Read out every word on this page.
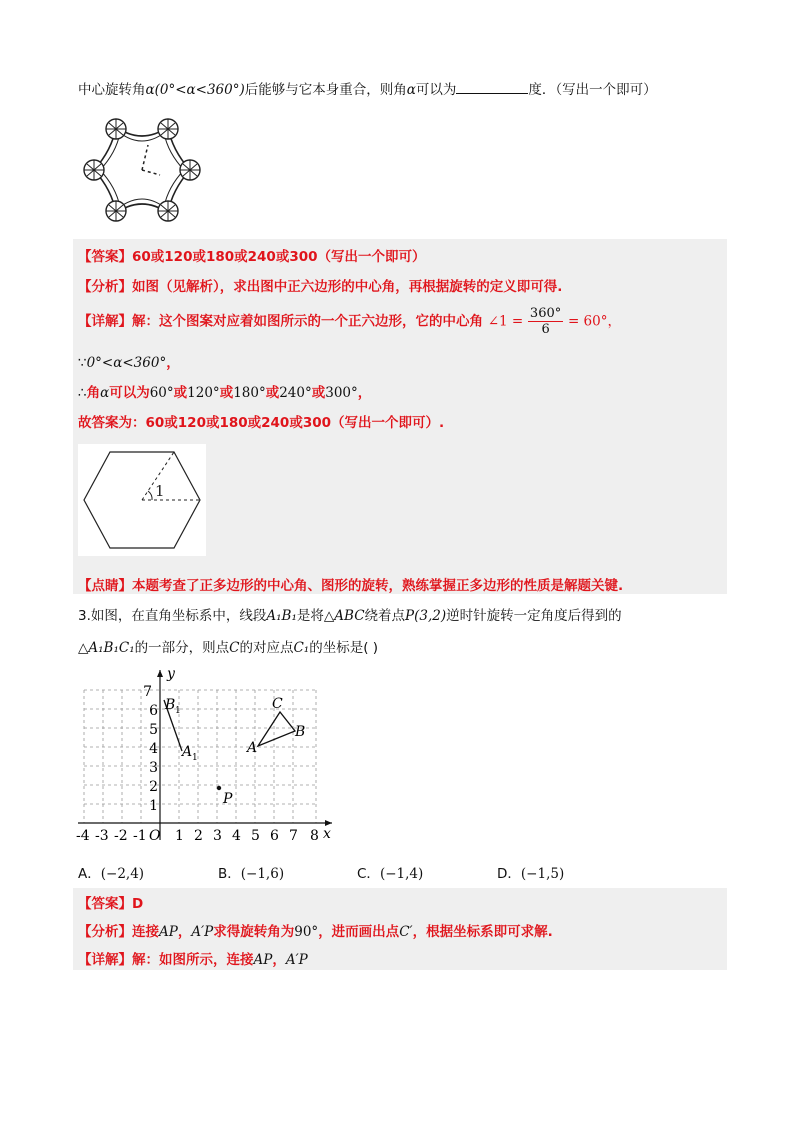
中心旋转角α(0°<α<360°)后能够与它本身重合，则角α可以为	度．（写出一个即可）
【答案】60或120或180或240或300（写出一个即可）
【分析】如图（见解析），求出图中正六边形的中心角，再根据旋转的定义即可得.
【详解】解：这个图案对应着如图所示的一个正六边形，它的中心角 ∠1 = $\frac{360^\circ}{6} = 60^\circ$，
∵0°<α<360°，
∴角α可以为60°或120°或180°或240°或300°，
故答案为：60或120或180或240或300（写出一个即可）.
1
【点睛】本题考查了正多边形的中心角、图形的旋转，熟练掌握正多边形的性质是解题关键.
3.如图，在直角坐标系中，线段A₁B₁是将△ABC绕着点P(3,2)逆时针旋转一定角度后得到的
△A₁B₁C₁的一部分，则点C的对应点C₁的坐标是( )
y
x
7
6
5
4
3
2
1
-4 -3 -2 -1 O 1 2 3 4 5 6 7 8
B 1
A 1
A
B
C
P
A．(−2,4)	B．(−1,6)	C．(−1,4)	D．(−1,5)
【答案】D
【分析】连接AP，A′P求得旋转角为90°，进而画出点C′，根据坐标系即可求解.
【详解】解：如图所示，连接AP，A′P
